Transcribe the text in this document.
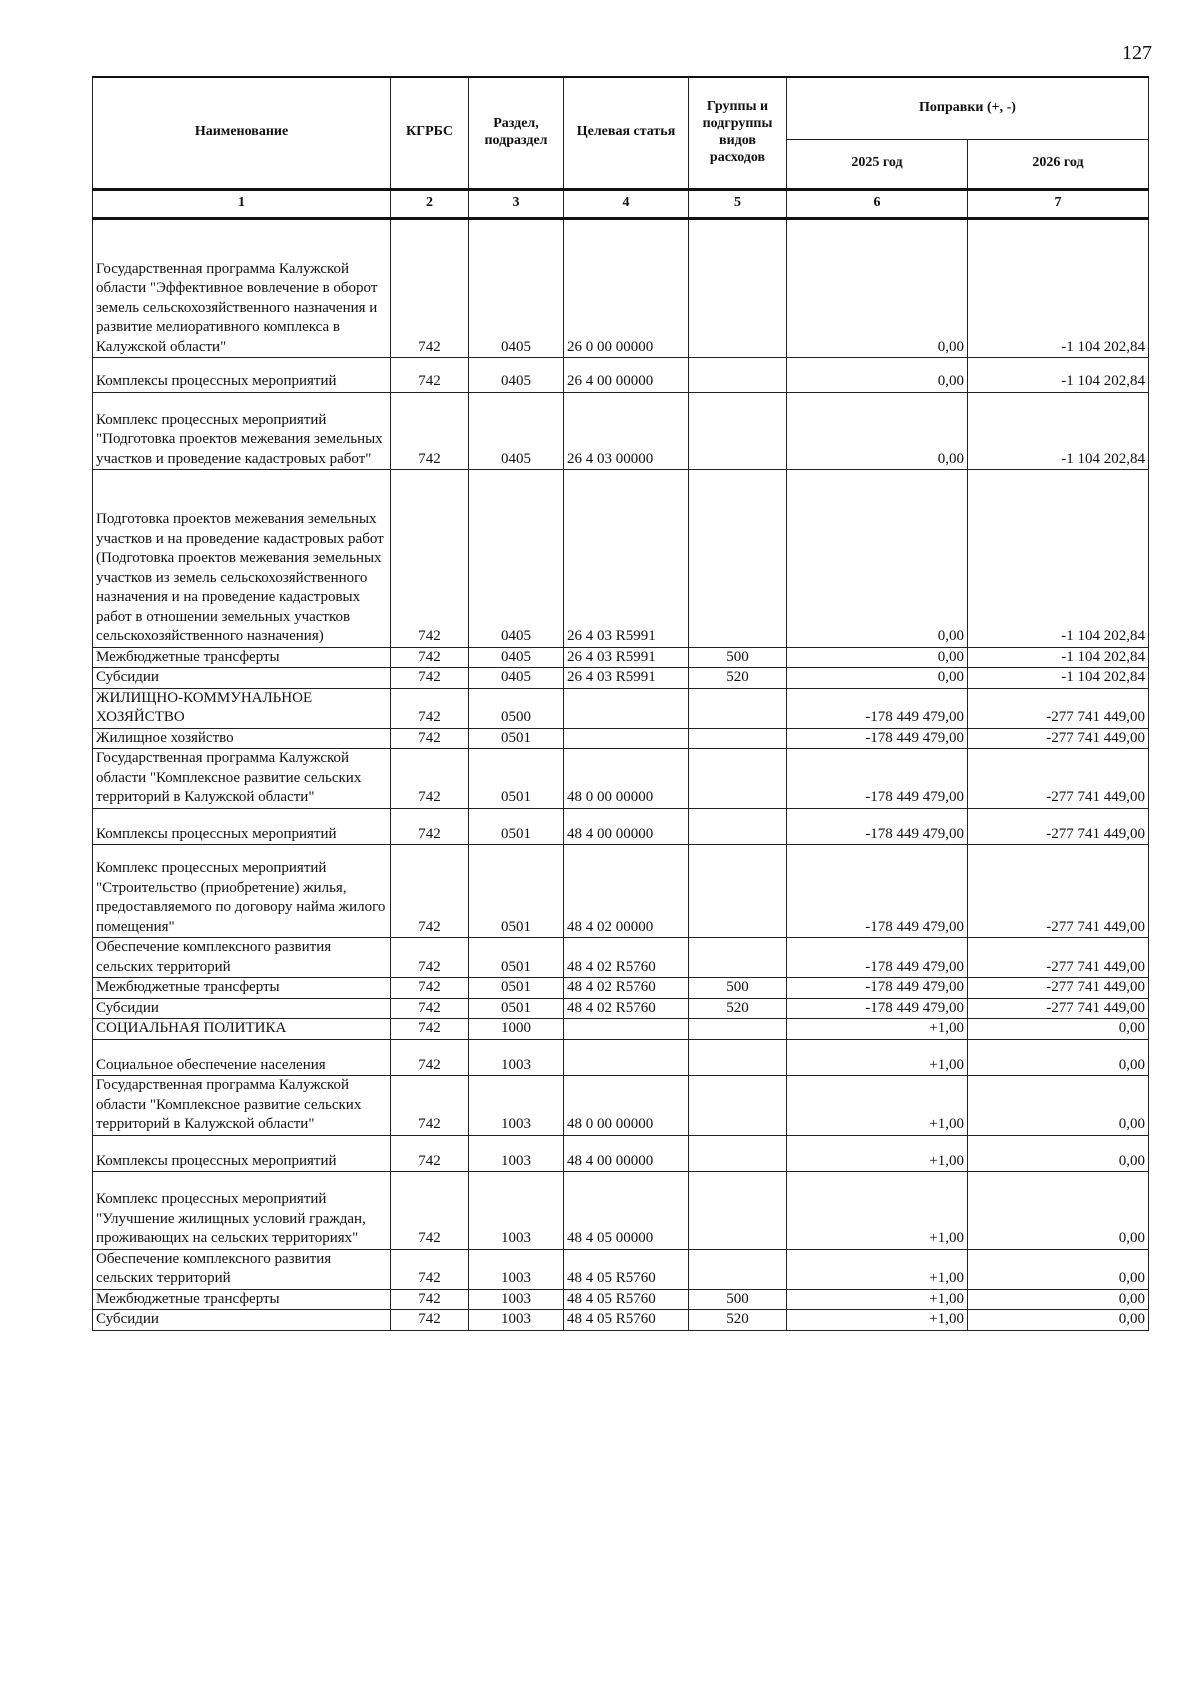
127
Наименование	КГРБС	Раздел, подраздел	Целевая статья	Группы и подгруппы видов расходов	Поправки (+, -)	
					2025 год	2026 год
1	2	3	4	5	6	7
Государственная программа Калужской области "Эффективное вовлечение в оборот земель сельскохозяйственного назначения и развитие мелиоративного комплекса в Калужской области"	742	0405	26 0 00 00000		0,00	-1 104 202,84
Комплексы процессных мероприятий	742	0405	26 4 00 00000		0,00	-1 104 202,84
Комплекс процессных мероприятий "Подготовка проектов межевания земельных участков и проведение кадастровых работ"	742	0405	26 4 03 00000		0,00	-1 104 202,84
Подготовка проектов межевания земельных участков и на проведение кадастровых работ (Подготовка проектов межевания земельных участков из земель сельскохозяйственного назначения и на проведение кадастровых работ в отношении земельных участков сельскохозяйственного назначения)	742	0405	26 4 03 R5991		0,00	-1 104 202,84
Межбюджетные трансферты	742	0405	26 4 03 R5991	500	0,00	-1 104 202,84
Субсидии	742	0405	26 4 03 R5991	520	0,00	-1 104 202,84
ЖИЛИЩНО-КОММУНАЛЬНОЕ ХОЗЯЙСТВО	742	0500			-178 449 479,00	-277 741 449,00
Жилищное хозяйство	742	0501			-178 449 479,00	-277 741 449,00
Государственная программа Калужской области "Комплексное развитие сельских территорий в Калужской области"	742	0501	48 0 00 00000		-178 449 479,00	-277 741 449,00
Комплексы процессных мероприятий	742	0501	48 4 00 00000		-178 449 479,00	-277 741 449,00
Комплекс процессных мероприятий "Строительство (приобретение) жилья, предоставляемого по договору найма жилого помещения"	742	0501	48 4 02 00000		-178 449 479,00	-277 741 449,00
Обеспечение комплексного развития сельских территорий	742	0501	48 4 02 R5760		-178 449 479,00	-277 741 449,00
Межбюджетные трансферты	742	0501	48 4 02 R5760	500	-178 449 479,00	-277 741 449,00
Субсидии	742	0501	48 4 02 R5760	520	-178 449 479,00	-277 741 449,00
СОЦИАЛЬНАЯ ПОЛИТИКА	742	1000			+1,00	0,00
Социальное обеспечение населения	742	1003			+1,00	0,00
Государственная программа Калужской области "Комплексное развитие сельских территорий в Калужской области"	742	1003	48 0 00 00000		+1,00	0,00
Комплексы процессных мероприятий	742	1003	48 4 00 00000		+1,00	0,00
Комплекс процессных мероприятий "Улучшение жилищных условий граждан, проживающих на сельских территориях"	742	1003	48 4 05 00000		+1,00	0,00
Обеспечение комплексного развития сельских территорий	742	1003	48 4 05 R5760		+1,00	0,00
Межбюджетные трансферты	742	1003	48 4 05 R5760	500	+1,00	0,00
Субсидии	742	1003	48 4 05 R5760	520	+1,00	0,00
